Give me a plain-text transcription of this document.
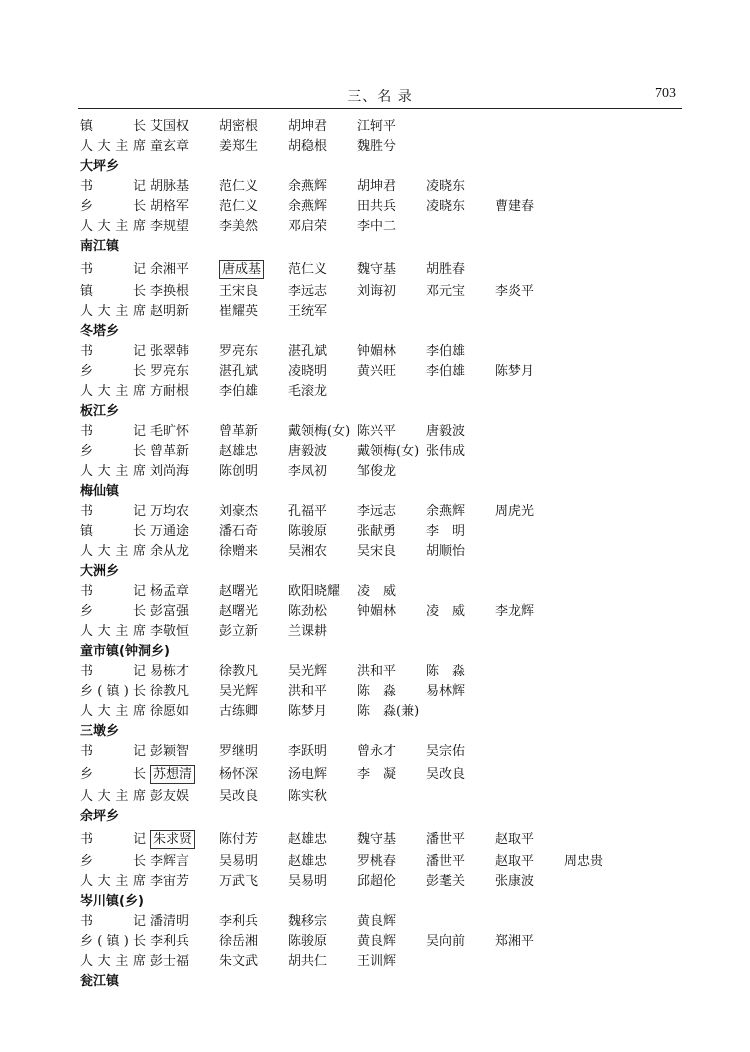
三、名 录	703
镇长 艾国权 胡密根 胡坤君 江轲平
人大主席 童玄章 姜郑生 胡稳根 魏胜兮
大坪乡
书记 胡脉基 范仁义 余燕辉 胡坤君 凌晓东
乡长 胡格军 范仁义 余燕辉 田共兵 凌晓东 曹建春
人大主席 李规望 李美然 邓启荣 李中二
南江镇
书记 余湘平	唐成基 范仁义 魏守基 胡胜春
镇长 李换根 王宋良 李远志 刘诲初 邓元宝 李炎平
人大主席 赵明新 崔耀英 王统军
冬塔乡
书记 张翠韩 罗亮东 湛孔斌 钟媚林 李伯雄
乡长 罗亮东 湛孔斌 凌晓明 黄兴旺 李伯雄 陈梦月
人大主席 方耐根 李伯雄 毛滚龙
板江乡
书记 毛旷怀 曾革新 戴领梅(女) 陈兴平 唐毅波
乡长 曾革新 赵雄忠 唐毅波 戴领梅(女) 张伟成
人大主席 刘尚海 陈创明 李凤初 邹俊龙
梅仙镇
书记 万均农 刘豪杰 孔福平 李远志 余燕辉 周虎光
镇长 万通途 潘石奇 陈骏原 张献勇 李　明
人大主席 余从龙 徐赠来 吴湘农 吴宋良 胡顺怡
大洲乡
书记 杨孟章 赵曙光 欧阳晓耀 凌　威
乡长 彭富强 赵曙光 陈劲松 钟媚林 凌　威 李龙辉
人大主席 李敬恒 彭立新 兰课耕
童市镇(钟洞乡)
书记 易栋才 徐教凡 吴光辉 洪和平 陈　淼
乡(镇)长 徐教凡 吴光辉 洪和平 陈　淼 易林辉
人大主席 徐愿如 古练卿 陈梦月 陈　淼(兼)
三墩乡
书记 彭颖智 罗继明 李跃明 曾永才 吴宗佑
乡长 苏想清 杨怀深 汤电辉 李　凝 吴改良
人大主席 彭友娱 吴改良 陈实秋
余坪乡
书记 朱求贤 陈付芳 赵雄忠 魏守基 潘世平 赵取平
乡长 李辉言 吴易明 赵雄忠 罗桃春 潘世平 赵取平 周忠贵
人大主席 李宙芳 万武飞 吴易明 邱超伦 彭耄关 张康波
岑川镇(乡)
书记 潘清明 李利兵 魏移宗 黄良辉
乡(镇)长 李利兵 徐岳湘 陈骏原 黄良辉 吴向前 郑湘平
人大主席 彭士福 朱文武 胡共仁 王训辉
瓮江镇
